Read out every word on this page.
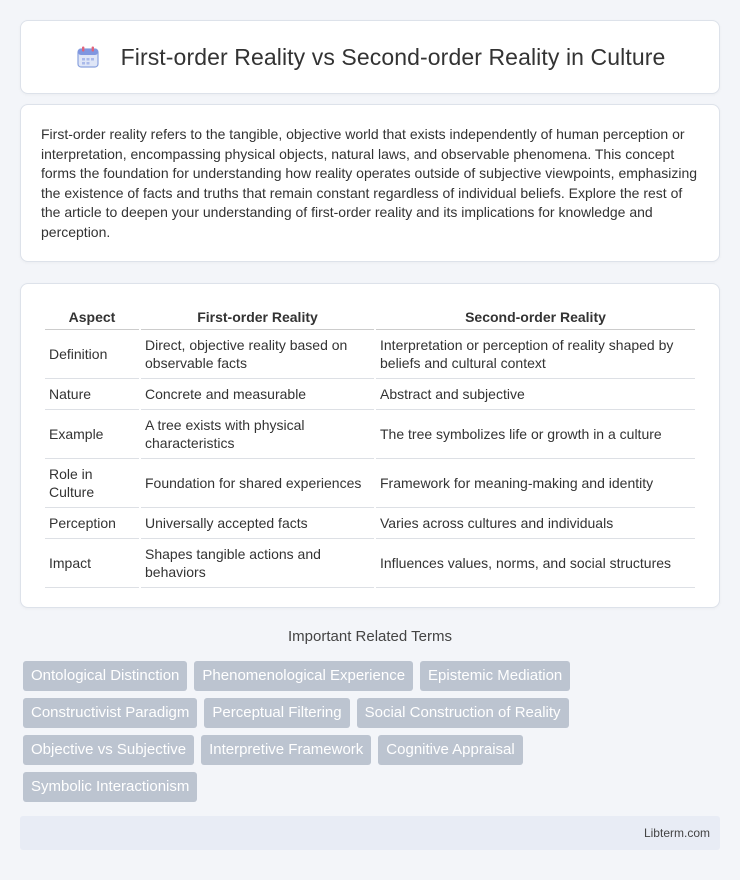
First-order Reality vs Second-order Reality in Culture

First-order reality refers to the tangible, objective world that exists independently of human perception or interpretation, encompassing physical objects, natural laws, and observable phenomena. This concept forms the foundation for understanding how reality operates outside of subjective viewpoints, emphasizing the existence of facts and truths that remain constant regardless of individual beliefs. Explore the rest of the article to deepen your understanding of first-order reality and its implications for knowledge and perception.

Aspect	First-order Reality	Second-order Reality
Definition	Direct, objective reality based on observable facts	Interpretation or perception of reality shaped by beliefs and cultural context
Nature	Concrete and measurable	Abstract and subjective
Example	A tree exists with physical characteristics	The tree symbolizes life or growth in a culture
Role in Culture	Foundation for shared experiences	Framework for meaning-making and identity
Perception	Universally accepted facts	Varies across cultures and individuals
Impact	Shapes tangible actions and behaviors	Influences values, norms, and social structures
Important Related Terms
Ontological Distinction	Phenomenological Experience	Epistemic Mediation
Constructivist Paradigm	Perceptual Filtering	Social Construction of Reality
Objective vs Subjective	Interpretive Framework	Cognitive Appraisal
Symbolic Interactionism
Libterm.com
